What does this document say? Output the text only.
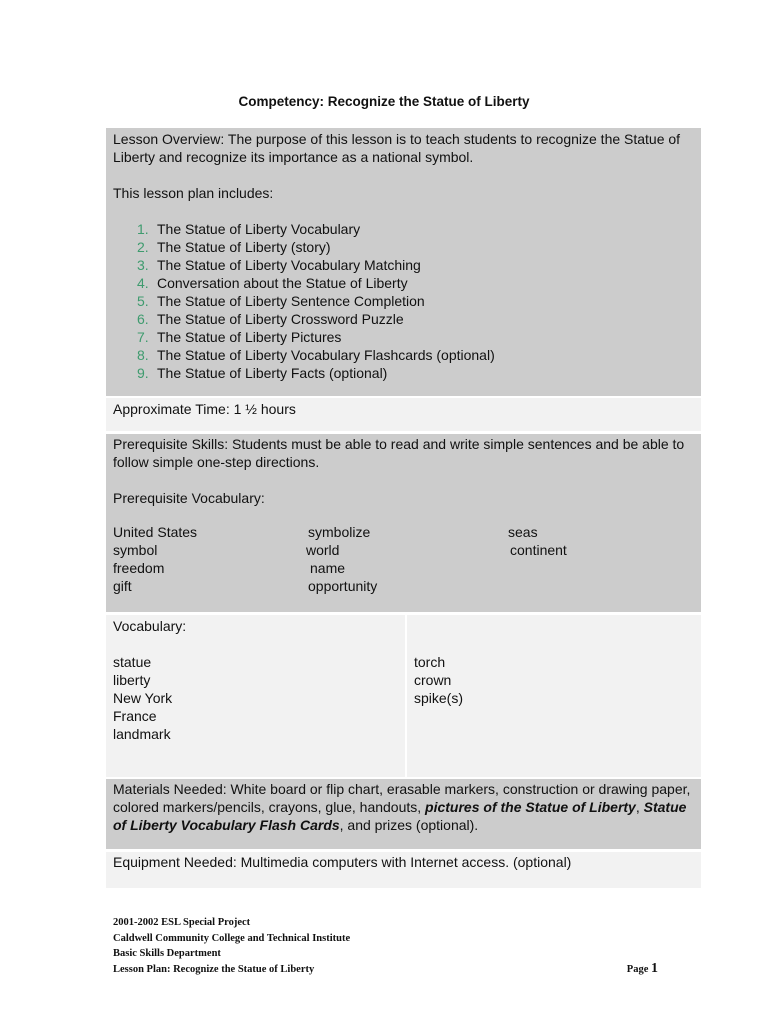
Competency: Recognize the Statue of Liberty
Lesson Overview: The purpose of this lesson is to teach students to recognize the Statue of Liberty and recognize its importance as a national symbol.
This lesson plan includes:
1. The Statue of Liberty Vocabulary
2. The Statue of Liberty (story)
3. The Statue of Liberty Vocabulary Matching
4. Conversation about the Statue of Liberty
5. The Statue of Liberty Sentence Completion
6. The Statue of Liberty Crossword Puzzle
7. The Statue of Liberty Pictures
8. The Statue of Liberty Vocabulary Flashcards (optional)
9. The Statue of Liberty Facts (optional)
Approximate Time: 1 ½ hours
Prerequisite Skills: Students must be able to read and write simple sentences and be able to follow simple one-step directions.
Prerequisite Vocabulary:
United States
symbol
freedom
gift
symbolize
world
name
opportunity
seas
continent
Vocabulary:
statue
liberty
New York
France
landmark
torch
crown
spike(s)
Materials Needed: White board or flip chart, erasable markers, construction or drawing paper, colored markers/pencils, crayons, glue, handouts, pictures of the Statue of Liberty, Statue of Liberty Vocabulary Flash Cards, and prizes (optional).
Equipment Needed: Multimedia computers with Internet access. (optional)
2001-2002 ESL Special Project
Caldwell Community College and Technical Institute
Basic Skills Department
Lesson Plan: Recognize the Statue of Liberty	Page 1
